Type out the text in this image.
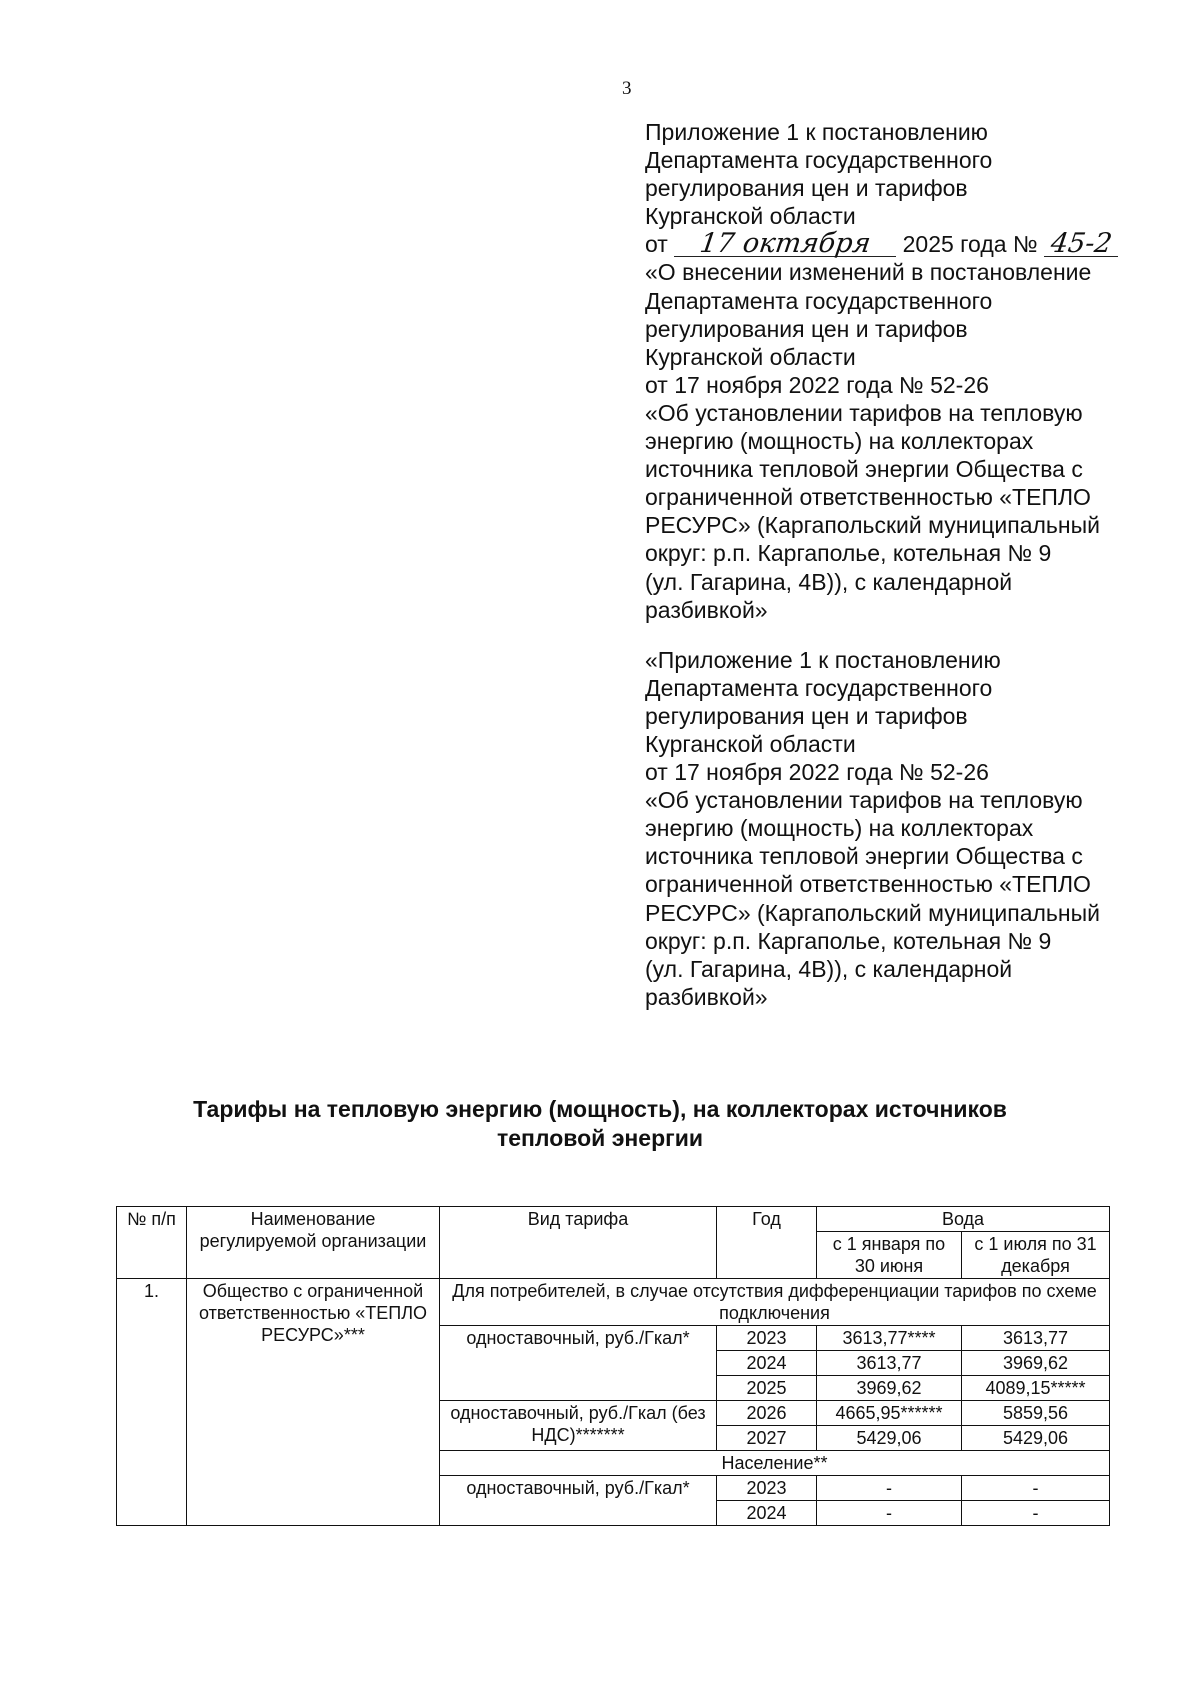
3
Приложение 1 к постановлению
Департамента государственного
регулирования цен и тарифов
Курганской области
от 17 октября 2025 года № 45-2
«О внесении изменений в постановление
Департамента государственного
регулирования цен и тарифов
Курганской области
от 17 ноября 2022 года № 52-26
«Об установлении тарифов на тепловую
энергию (мощность) на коллекторах
источника тепловой энергии Общества с
ограниченной ответственностью «ТЕПЛО
РЕСУРС» (Каргапольский муниципальный
округ: р.п. Каргаполье, котельная № 9
(ул. Гагарина, 4В)), с календарной
разбивкой»
«Приложение 1 к постановлению
Департамента государственного
регулирования цен и тарифов
Курганской области
от 17 ноября 2022 года № 52-26
«Об установлении тарифов на тепловую
энергию (мощность) на коллекторах
источника тепловой энергии Общества с
ограниченной ответственностью «ТЕПЛО
РЕСУРС» (Каргапольский муниципальный
округ: р.п. Каргаполье, котельная № 9
(ул. Гагарина, 4В)), с календарной
разбивкой»
Тарифы на тепловую энергию (мощность), на коллекторах источников
тепловой энергии
№ п/п	Наименование регулируемой организации	Вид тарифа	Год	Вода	
				с 1 января по 30 июня	с 1 июля по 31 декабря
1.	Общество с ограниченной ответственностью «ТЕПЛО РЕСУРС»***	Для потребителей, в случае отсутствия дифференциации тарифов по схеме подключения			
		одноставочный, руб./Гкал*	2023	3613,77****	3613,77
			2024	3613,77	3969,62
			2025	3969,62	4089,15*****
		одноставочный, руб./Гкал (без НДС)*******	2026	4665,95******	5859,56
			2027	5429,06	5429,06
		Население**			
		одноставочный, руб./Гкал*	2023	-	-
			2024	-	-
